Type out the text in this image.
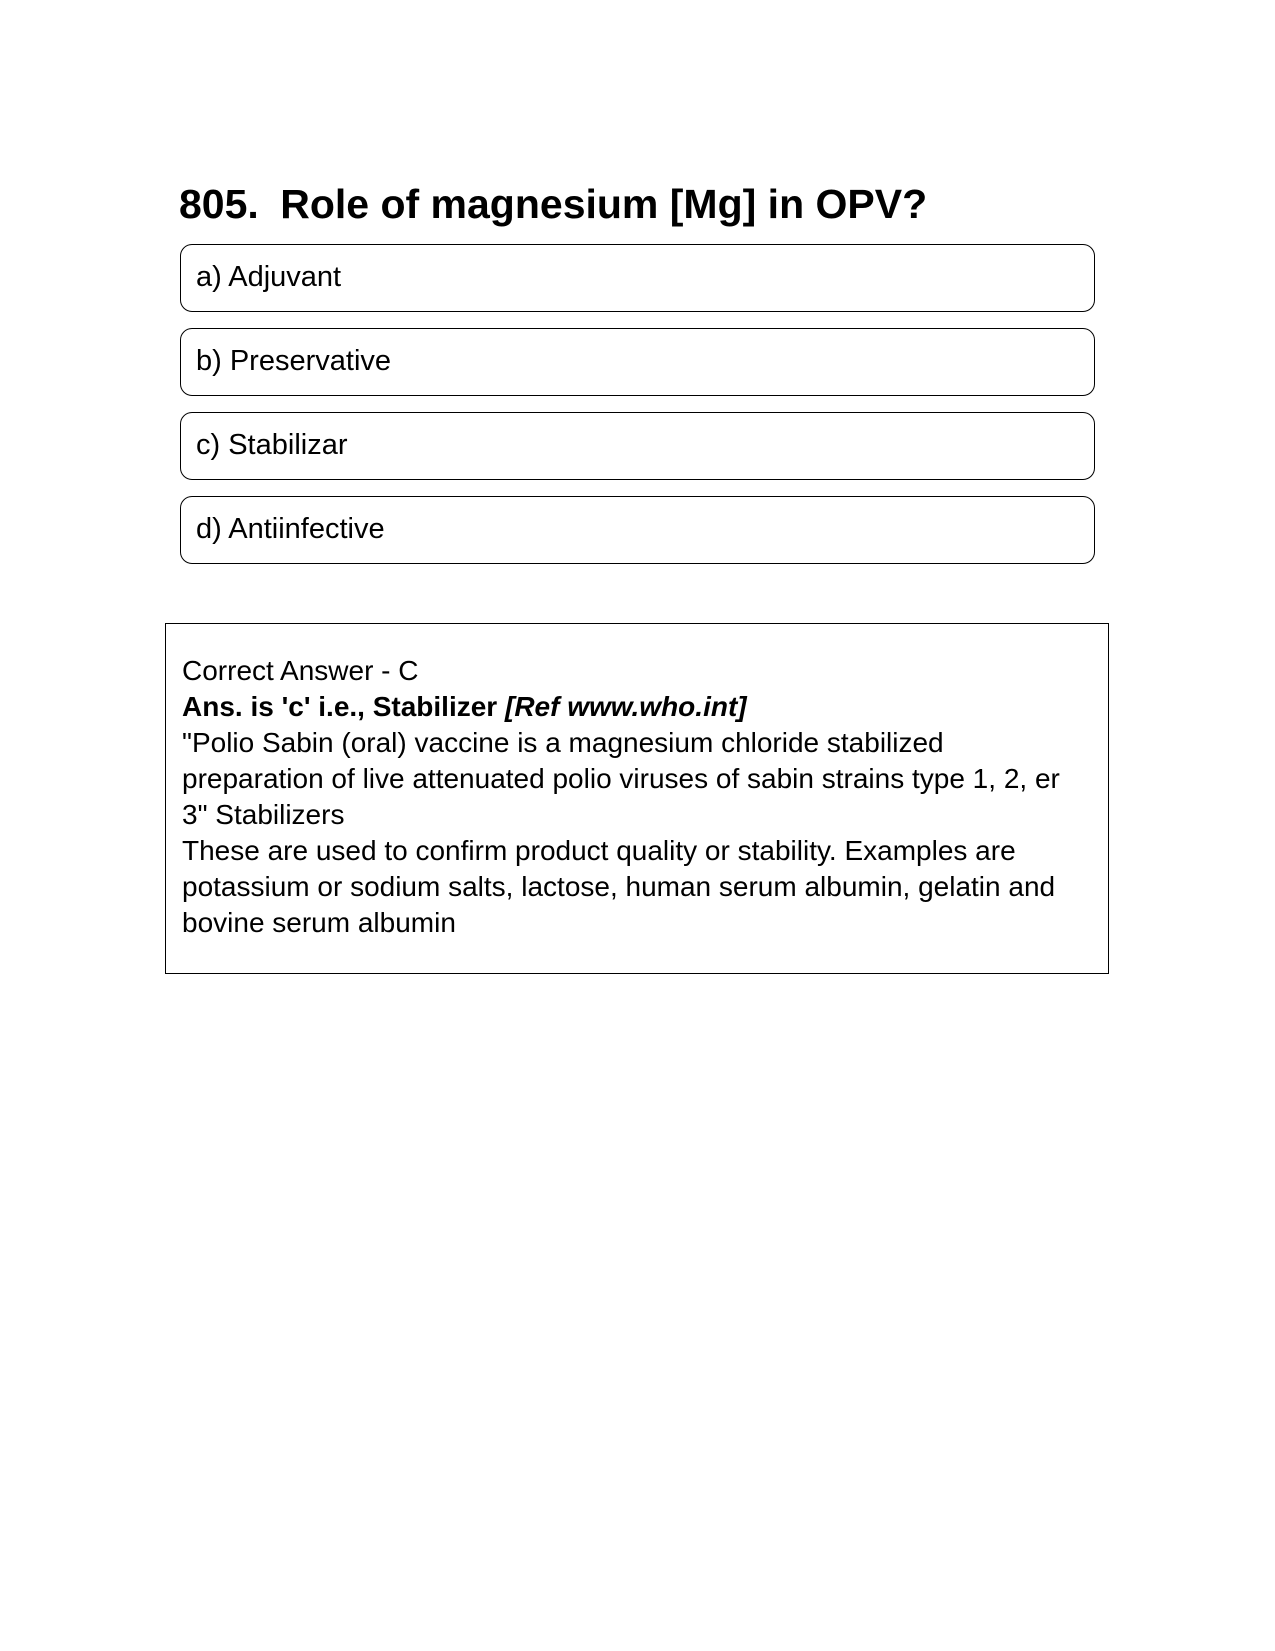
805. Role of magnesium [Mg] in OPV?
a) Adjuvant
b) Preservative
c) Stabilizar
d) Antiinfective

Correct Answer - C

Ans. is 'c' i.e., Stabilizer [Ref www.who.int]

"Polio Sabin (oral) vaccine is a magnesium chloride stabilized preparation of live attenuated polio viruses of sabin strains type 1, 2, er 3" Stabilizers

These are used to confirm product quality or stability. Examples are potassium or sodium salts, lactose, human serum albumin, gelatin and bovine serum albumin
